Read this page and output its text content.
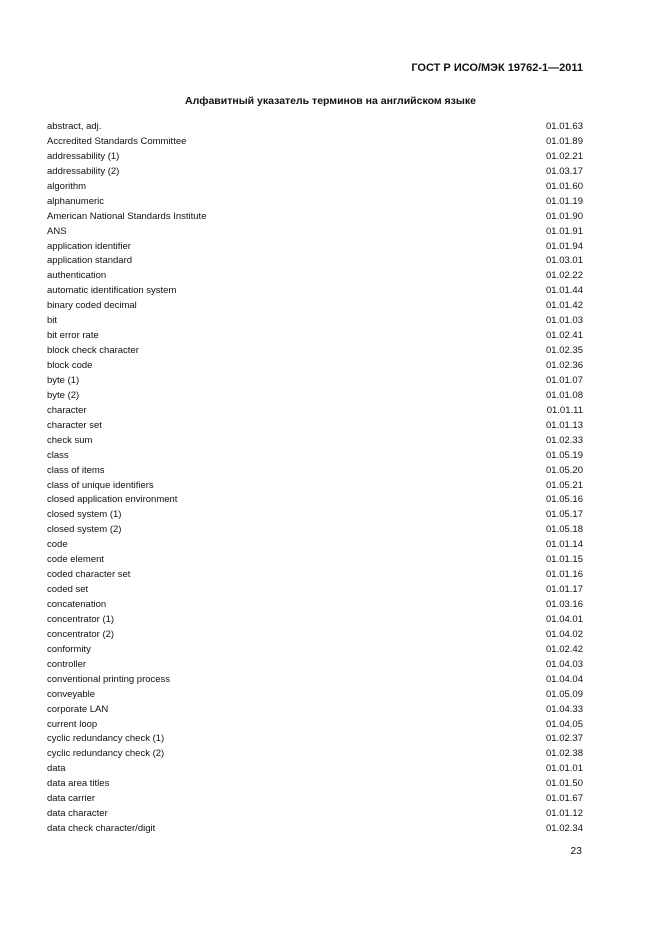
ГОСТ Р ИСО/МЭК 19762-1—2011
Алфавитный указатель терминов на английском языке
abstract, adj.	01.01.63
Accredited Standards Committee	01.01.89
addressability (1)	01.02.21
addressability (2)	01.03.17
algorithm	01.01.60
alphanumeric	01.01.19
American National Standards Institute	01.01.90
ANS	01.01.91
application identifier	01.01.94
application standard	01.03.01
authentication	01.02.22
automatic identification system	01.01.44
binary coded decimal	01.01.42
bit	01.01.03
bit error rate	01.02.41
block check character	01.02.35
block code	01.02.36
byte (1)	01.01.07
byte (2)	01.01.08
character	01.01.11
character set	01.01.13
check sum	01.02.33
class	01.05.19
class of items	01.05.20
class of unique identifiers	01.05.21
closed application environment	01.05.16
closed system (1)	01.05.17
closed system (2)	01.05.18
code	01.01.14
code element	01.01.15
coded character set	01.01.16
coded set	01.01.17
concatenation	01.03.16
concentrator (1)	01.04.01
concentrator (2)	01.04.02
conformity	01.02.42
controller	01.04.03
conventional printing process	01.04.04
conveyable	01.05.09
corporate LAN	01.04.33
current loop	01.04.05
cyclic redundancy check (1)	01.02.37
cyclic redundancy check (2)	01.02.38
data	01.01.01
data area titles	01.01.50
data carrier	01.01.67
data character	01.01.12
data check character/digit	01.02.34
23
